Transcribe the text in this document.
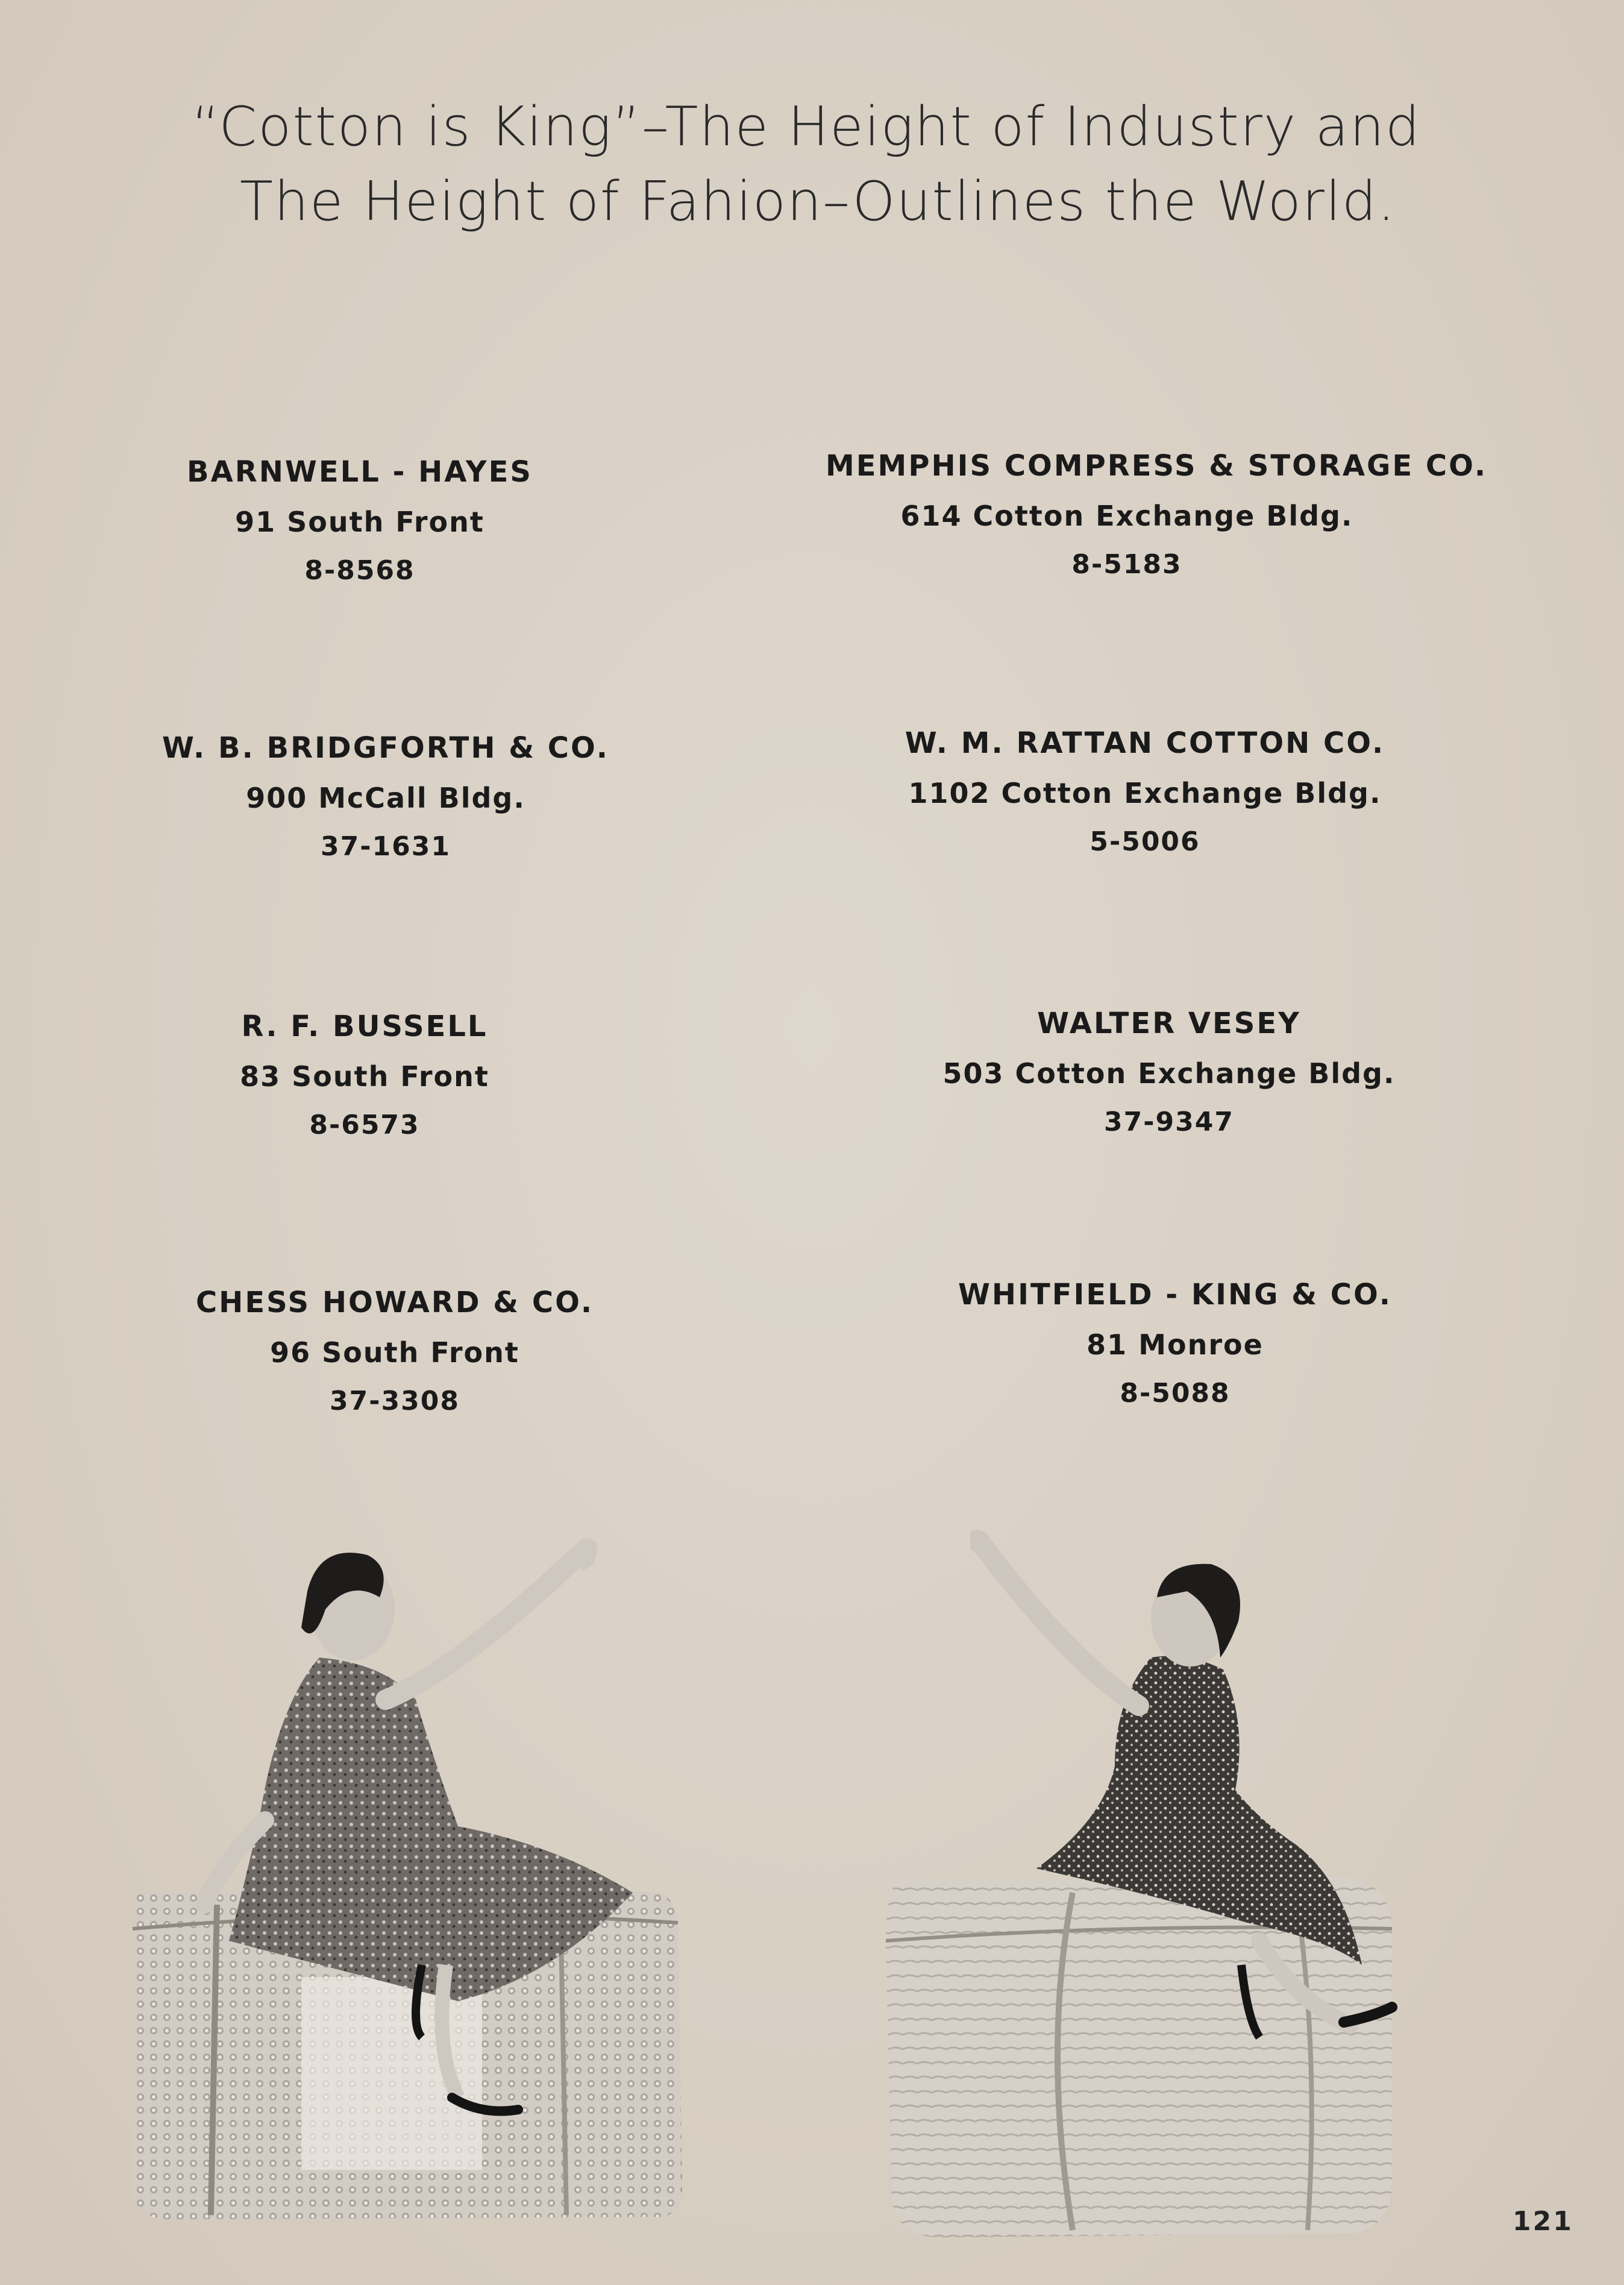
“Cotton is King”–The Height of Industry and
The Height of Fahion–Outlines the World.
BARNWELL - HAYES
91 South Front
8-8568
W. B. BRIDGFORTH & CO.
900 McCall Bldg.
37-1631
R. F. BUSSELL
83 South Front
8-6573
CHESS HOWARD & CO.
96 South Front
37-3308
MEMPHIS COMPRESS & STORAGE CO.
614 Cotton Exchange Bldg.
8-5183
W. M. RATTAN COTTON CO.
1102 Cotton Exchange Bldg.
5-5006
WALTER VESEY
503 Cotton Exchange Bldg.
37-9347
WHITFIELD - KING & CO.
81 Monroe
8-5088
121
